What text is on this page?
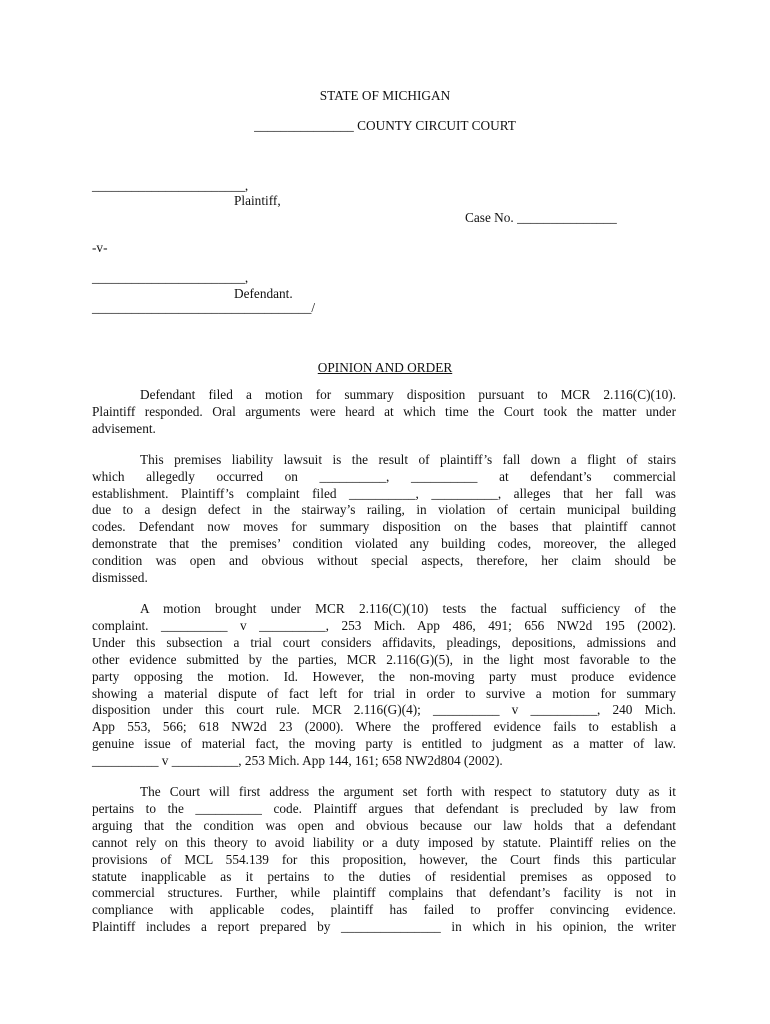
STATE OF MICHIGAN
_______________ COUNTY CIRCUIT COURT
_______________________,
Plaintiff,
Case No. _______________
-v-
_______________________,
Defendant.
_________________________________/
OPINION AND ORDER

Defendant filed a motion for summary disposition pursuant to MCR 2.116(C)(10).
Plaintiff responded. Oral arguments were heard at which time the Court took the matter under
advisement.

This premises liability lawsuit is the result of plaintiff’s fall down a flight of stairs
which allegedly occurred on __________, __________ at defendant’s commercial
establishment. Plaintiff’s complaint filed __________, __________, alleges that her fall was
due to a design defect in the stairway’s railing, in violation of certain municipal building
codes. Defendant now moves for summary disposition on the bases that plaintiff cannot
demonstrate that the premises’ condition violated any building codes, moreover, the alleged
condition was open and obvious without special aspects, therefore, her claim should be
dismissed.

A motion brought under MCR 2.116(C)(10) tests the factual sufficiency of the
complaint. __________ v __________, 253 Mich. App 486, 491; 656 NW2d 195 (2002).
Under this subsection a trial court considers affidavits, pleadings, depositions, admissions and
other evidence submitted by the parties, MCR 2.116(G)(5), in the light most favorable to the
party opposing the motion. Id. However, the non-moving party must produce evidence
showing a material dispute of fact left for trial in order to survive a motion for summary
disposition under this court rule. MCR 2.116(G)(4); __________ v __________, 240 Mich.
App 553, 566; 618 NW2d 23 (2000). Where the proffered evidence fails to establish a
genuine issue of material fact, the moving party is entitled to judgment as a matter of law.
__________ v __________, 253 Mich. App 144, 161; 658 NW2d804 (2002).

The Court will first address the argument set forth with respect to statutory duty as it
pertains to the __________ code. Plaintiff argues that defendant is precluded by law from
arguing that the condition was open and obvious because our law holds that a defendant
cannot rely on this theory to avoid liability or a duty imposed by statute. Plaintiff relies on the
provisions of MCL 554.139 for this proposition, however, the Court finds this particular
statute inapplicable as it pertains to the duties of residential premises as opposed to
commercial structures. Further, while plaintiff complains that defendant’s facility is not in
compliance with applicable codes, plaintiff has failed to proffer convincing evidence.
Plaintiff includes a report prepared by _______________ in which in his opinion, the writer
